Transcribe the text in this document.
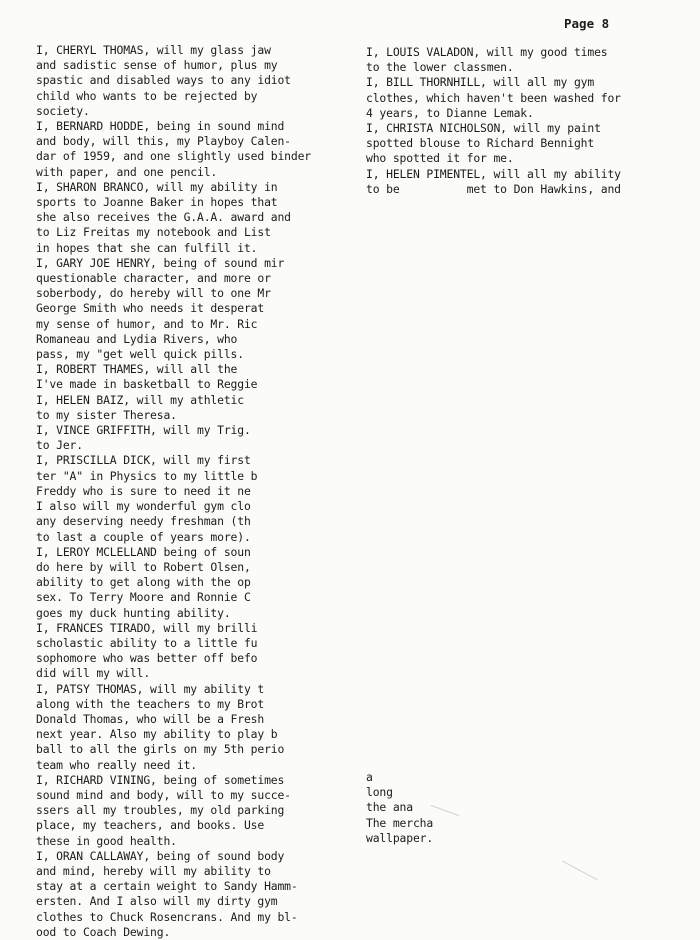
Page 8
I, CHERYL THOMAS, will my glass jaw
and sadistic sense of humor, plus my
spastic and disabled ways to any idiot
child who wants to be rejected by
society.
I, BERNARD HODDE, being in sound mind
and body, will this, my Playboy Calen-
dar of 1959, and one slightly used binder
with paper, and one pencil.
I, SHARON BRANCO, will my ability in
sports to Joanne Baker in hopes that
she also receives the G.A.A. award and
to Liz Freitas my notebook and List
in hopes that she can fulfill it.
I, GARY JOE HENRY, being of sound mir
questionable character, and more or
soberbody, do hereby will to one Mr
George Smith who needs it desperat
my sense of humor, and to Mr. Ric
Romaneau and Lydia Rivers, who
pass, my "get well quick pills.
I, ROBERT THAMES, will all the
I've made in basketball to Reggie
I, HELEN BAIZ, will my athletic
to my sister Theresa.
I, VINCE GRIFFITH, will my Trig.
to Jer.
I, PRISCILLA DICK, will my first
ter "A" in Physics to my little b
Freddy who is sure to need it ne
I also will my wonderful gym clo
any deserving needy freshman (th
to last a couple of years more).
I, LEROY MCLELLAND being of soun
do here by will to Robert Olsen,
ability to get along with the op
sex. To Terry Moore and Ronnie C
goes my duck hunting ability.
I, FRANCES TIRADO, will my brilli
scholastic ability to a little fu
sophomore who was better off befo
did will my will.
I, PATSY THOMAS, will my ability t
along with the teachers to my Brot
Donald Thomas, who will be a Fresh
next year. Also my ability to play b
ball to all the girls on my 5th perio
team who really need it.
I, RICHARD VINING, being of sometimes
sound mind and body, will to my succe-
ssers all my troubles, my old parking
place, my teachers, and books. Use
these in good health.
I, ORAN CALLAWAY, being of sound body
and mind, hereby will my ability to
stay at a certain weight to Sandy Hamm-
ersten. And I also will my dirty gym
clothes to Chuck Rosencrans. And my bl-
ood to Coach Dewing.
I, LOUIS VALADON, will my good times
to the lower classmen.
I, BILL THORNHILL, will all my gym
clothes, which haven't been washed for
4 years, to Dianne Lemak.
I, CHRISTA NICHOLSON, will my paint
spotted blouse to Richard Bennight
who spotted it for me.
I, HELEN PIMENTEL, will all my ability
to be          met to Don Hawkins, and
a
long
the ana
The mercha
wallpaper.
